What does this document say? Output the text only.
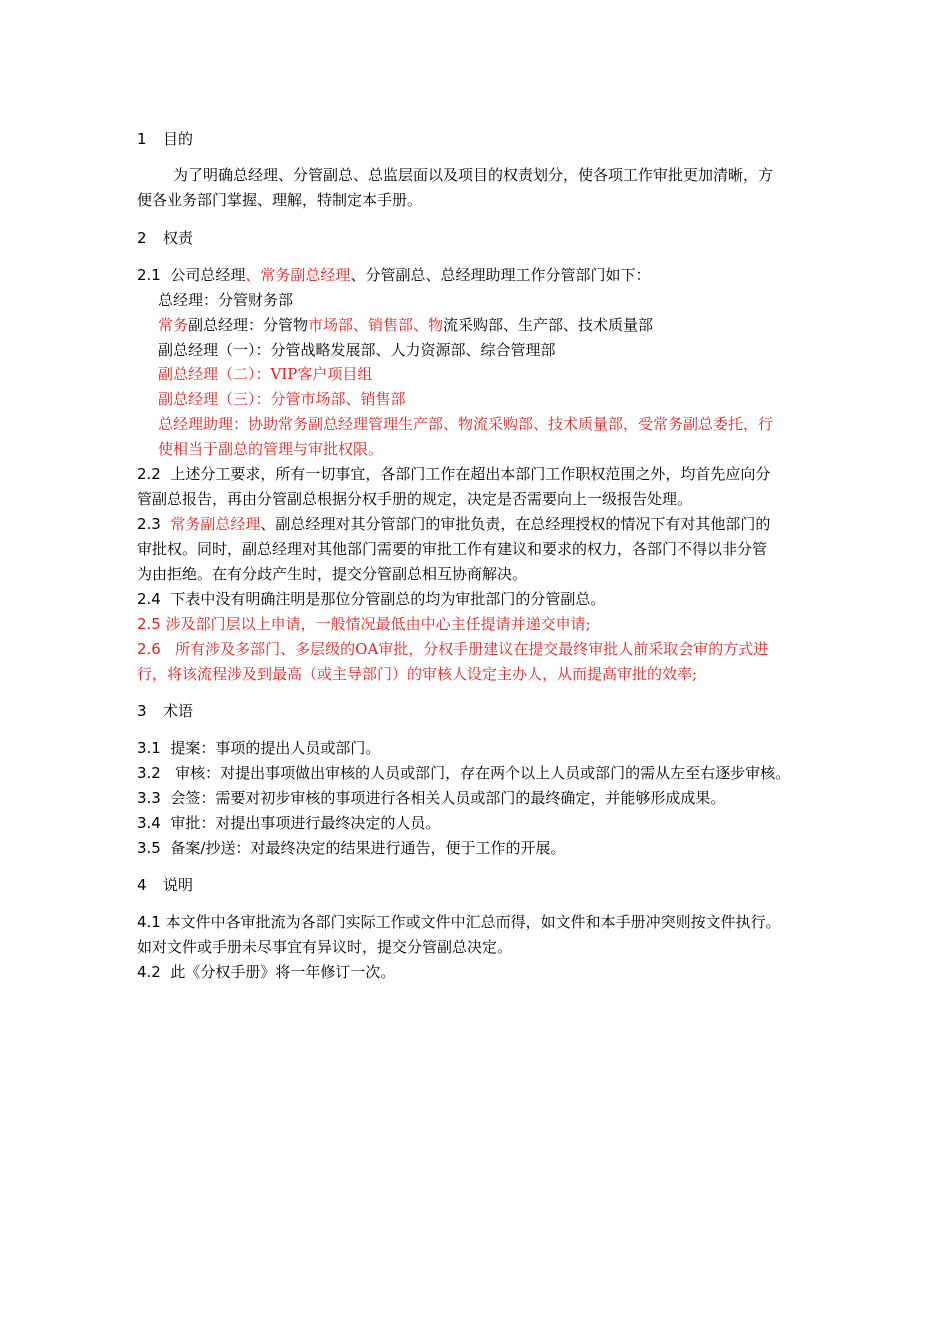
1 目的
为了明确总经理、分管副总、总监层面以及项目的权责划分，使各项工作审批更加清晰，方
便各业务部门掌握、理解，特制定本手册。
2 权责
2.1 公司总经理、常务副总经理、分管副总、总经理助理工作分管部门如下：
总经理：分管财务部
常务副总经理：分管物市场部、销售部、物流采购部、生产部、技术质量部
副总经理（一）：分管战略发展部、人力资源部、综合管理部
副总经理（二）：VIP客户项目组
副总经理（三）：分管市场部、销售部
总经理助理：协助常务副总经理管理生产部、物流采购部、技术质量部，受常务副总委托，行
使相当于副总的管理与审批权限。
2.2 上述分工要求，所有一切事宜，各部门工作在超出本部门工作职权范围之外，均首先应向分
管副总报告，再由分管副总根据分权手册的规定，决定是否需要向上一级报告处理。
2.3 常务副总经理、副总经理对其分管部门的审批负责，在总经理授权的情况下有对其他部门的
审批权。同时，副总经理对其他部门需要的审批工作有建议和要求的权力，各部门不得以非分管
为由拒绝。在有分歧产生时，提交分管副总相互协商解决。
2.4 下表中没有明确注明是那位分管副总的均为审批部门的分管副总。
2.5 涉及部门层以上申请，一般情况最低由中心主任提请并递交申请;
2.6 所有涉及多部门、多层级的OA审批，分权手册建议在提交最终审批人前采取会审的方式进
行，将该流程涉及到最高（或主导部门）的审核人设定主办人，从而提高审批的效率;
3 术语
3.1 提案：事项的提出人员或部门。
3.2 审核：对提出事项做出审核的人员或部门，存在两个以上人员或部门的需从左至右逐步审核。
3.3 会签：需要对初步审核的事项进行各相关人员或部门的最终确定，并能够形成成果。
3.4 审批：对提出事项进行最终决定的人员。
3.5 备案/抄送：对最终决定的结果进行通告，便于工作的开展。
4 说明
4.1 本文件中各审批流为各部门实际工作或文件中汇总而得，如文件和本手册冲突则按文件执行。
如对文件或手册未尽事宜有异议时，提交分管副总决定。
4.2 此《分权手册》将一年修订一次。
